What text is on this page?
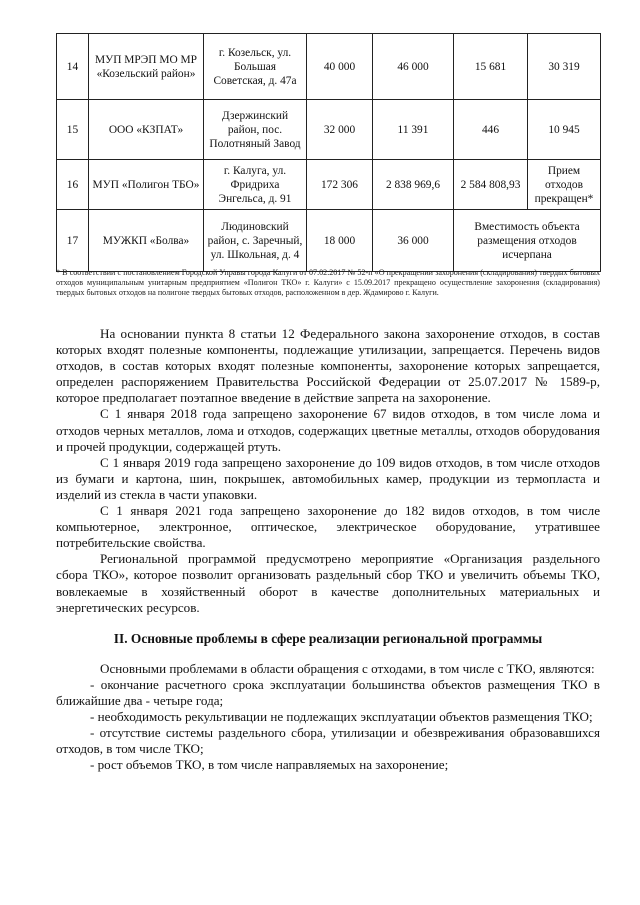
14	МУП МРЭП МО МР «Козельский район»	г. Козельск, ул. Большая Советская, д. 47а	40 000	46 000	15 681	30 319
15	ООО «КЗПАТ»	Дзержинский район, пос. Полотняный Завод	32 000	11 391	446	10 945
16	МУП «Полигон ТБО»	г. Калуга, ул. Фридриха Энгельса, д. 91	172 306	2 838 969,6	2 584 808,93	Прием отходов прекращен*
17	МУЖКП «Болва»	Людиновский район, с. Заречный, ул. Школьная, д. 4	18 000	36 000	Вместимость объекта размещения отходов исчерпана	
* В соответствии с постановлением Городской Управы города Калуги от 07.02.2017 № 52-п «О прекращении захоронения (складирования) твердых бытовых отходов муниципальным унитарным предприятием «Полигон ТКО» г. Калуги» с 15.09.2017 прекращено осуществление захоронения (складирования) твердых бытовых отходов на полигоне твердых бытовых отходов, расположенном в дер. Ждамирово г. Калуги.

На основании пункта 8 статьи 12 Федерального закона захоронение отходов, в состав которых входят полезные компоненты, подлежащие утилизации, запрещается. Перечень видов отходов, в состав которых входят полезные компоненты, захоронение которых запрещается, определен распоряжением Правительства Российской Федерации от 25.07.2017 № 1589-р, которое предполагает поэтапное введение в действие запрета на захоронение.

С 1 января 2018 года запрещено захоронение 67 видов отходов, в том числе лома и отходов черных металлов, лома и отходов, содержащих цветные металлы, отходов оборудования и прочей продукции, содержащей ртуть.

С 1 января 2019 года запрещено захоронение до 109 видов отходов, в том числе отходов из бумаги и картона, шин, покрышек, автомобильных камер, продукции из термопласта и изделий из стекла в части упаковки.

С 1 января 2021 года запрещено захоронение до 182 видов отходов, в том числе компьютерное, электронное, оптическое, электрическое оборудование, утратившее потребительские свойства.

Региональной программой предусмотрено мероприятие «Организация раздельного сбора ТКО», которое позволит организовать раздельный сбор ТКО и увеличить объемы ТКО, вовлекаемые в хозяйственный оборот в качестве дополнительных материальных и энергетических ресурсов.

II. Основные проблемы в сфере реализации региональной программы

Основными проблемами в области обращения с отходами, в том числе с ТКО, являются:

- окончание расчетного срока эксплуатации большинства объектов размещения ТКО в ближайшие два - четыре года;

- необходимость рекультивации не подлежащих эксплуатации объектов размещения ТКО;

- отсутствие системы раздельного сбора, утилизации и обезвреживания образовавшихся отходов, в том числе ТКО;

- рост объемов ТКО, в том числе направляемых на захоронение;
